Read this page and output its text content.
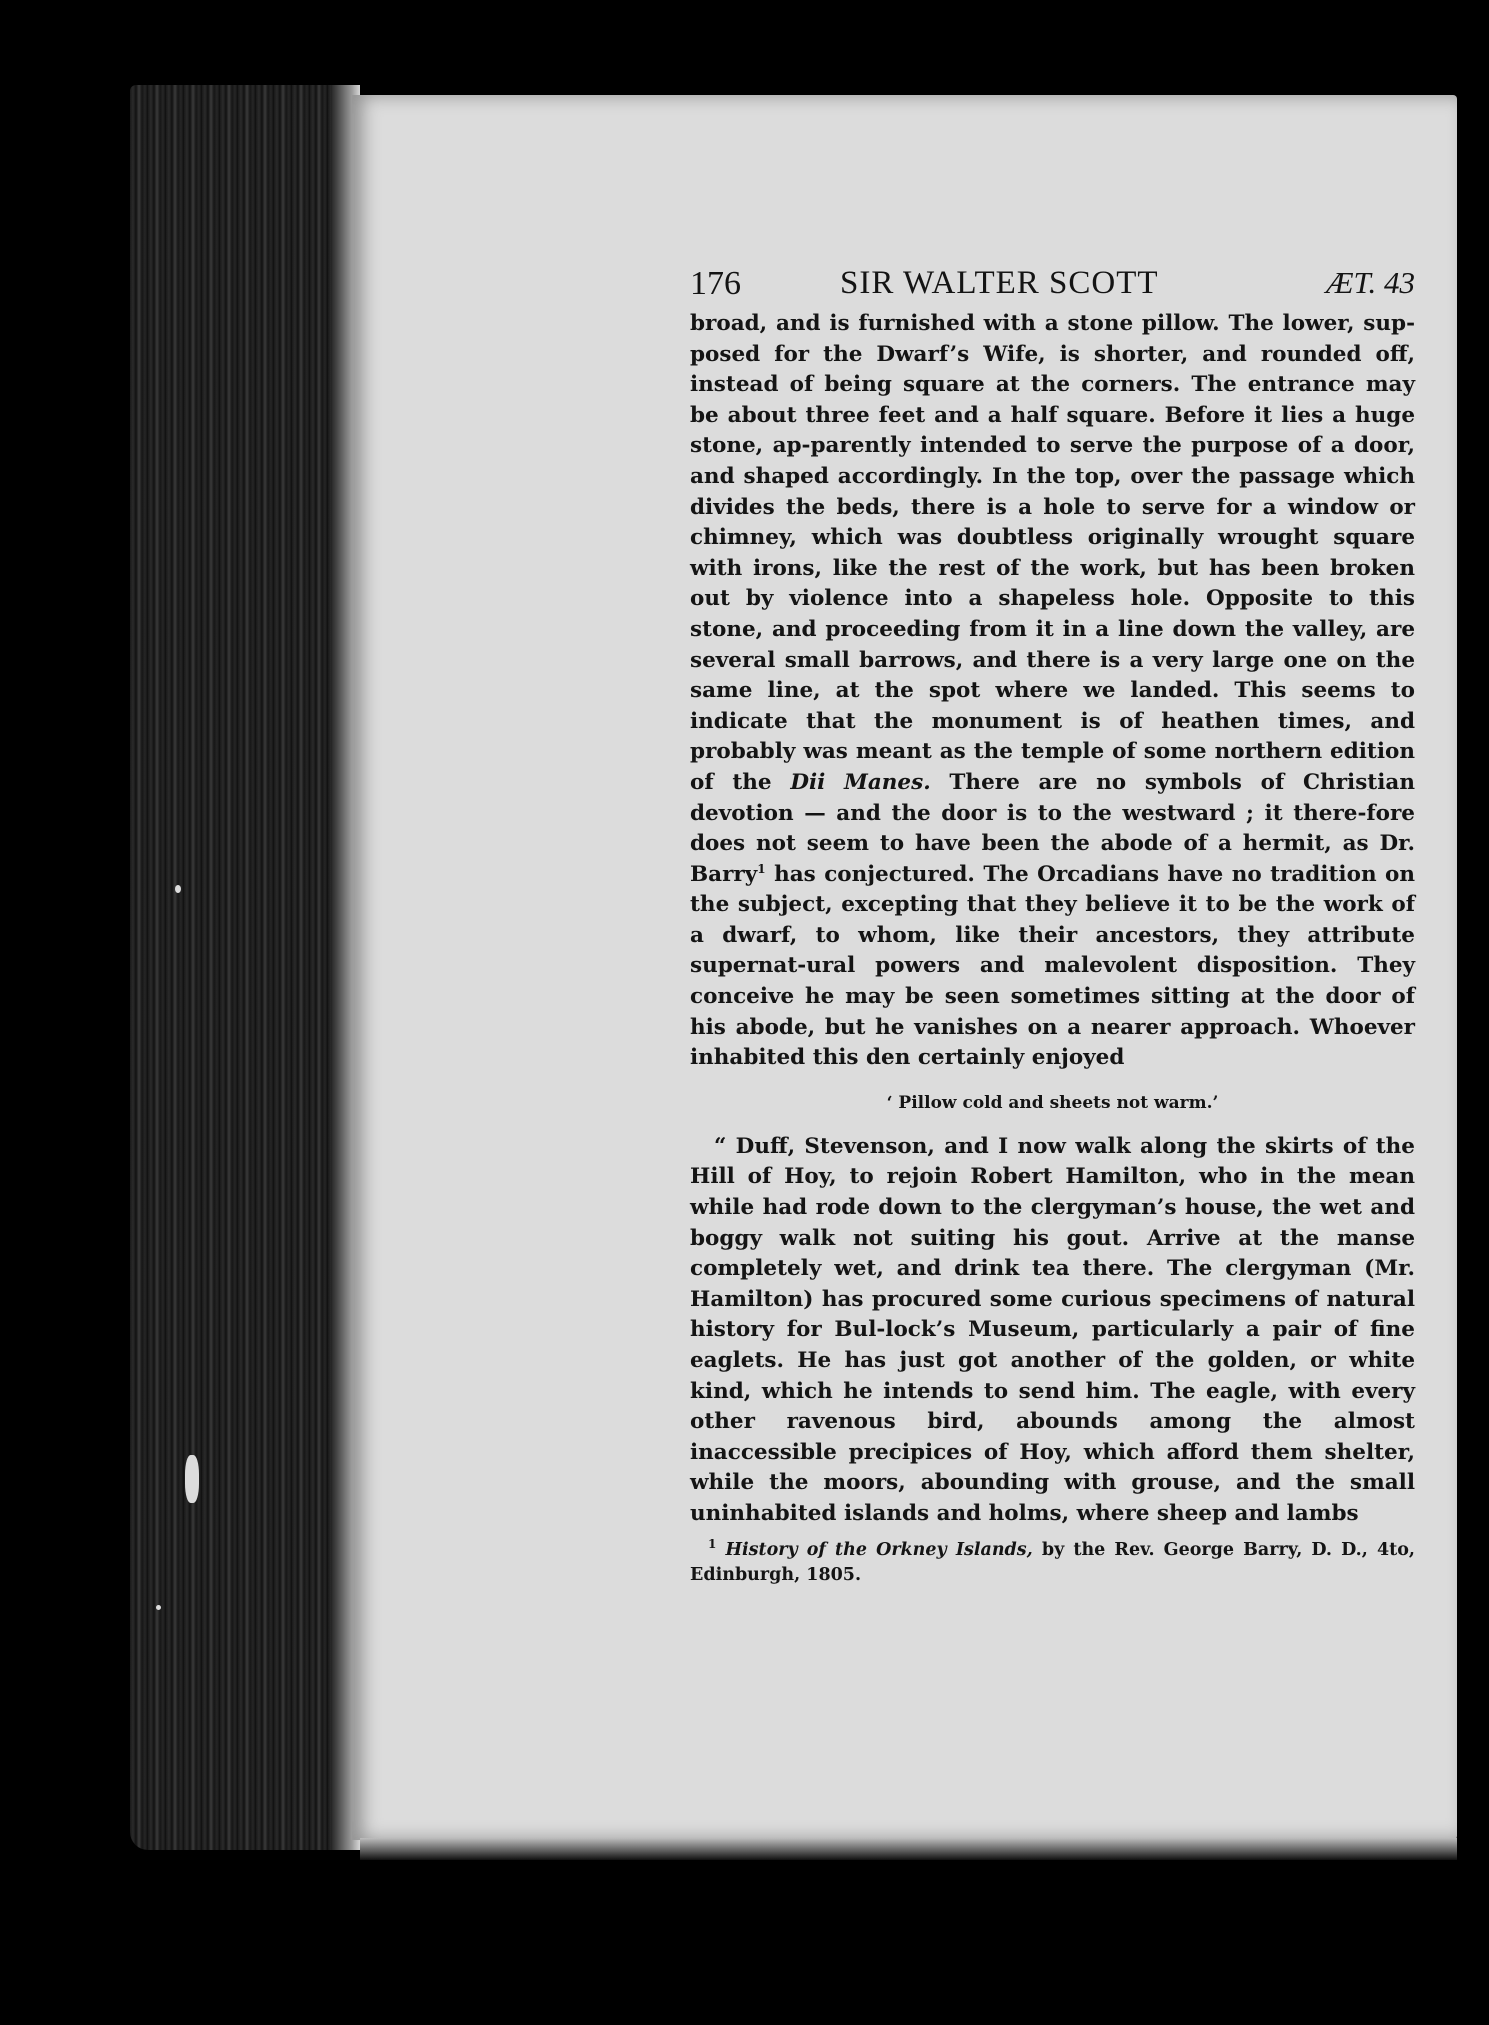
176	SIR WALTER SCOTT	ÆT. 43

broad, and is furnished with a stone pillow. The lower, sup-posed for the Dwarf’s Wife, is shorter, and rounded off, instead of being square at the corners. The entrance may be about three feet and a half square. Before it lies a huge stone, ap-parently intended to serve the purpose of a door, and shaped accordingly. In the top, over the passage which divides the beds, there is a hole to serve for a window or chimney, which was doubtless originally wrought square with irons, like the rest of the work, but has been broken out by violence into a shapeless hole. Opposite to this stone, and proceeding from it in a line down the valley, are several small barrows, and there is a very large one on the same line, at the spot where we landed. This seems to indicate that the monument is of heathen times, and probably was meant as the temple of some northern edition of the Dii Manes. There are no symbols of Christian devotion — and the door is to the westward ; it there-fore does not seem to have been the abode of a hermit, as Dr. Barry$^1$ has conjectured. The Orcadians have no tradition on the subject, excepting that they believe it to be the work of a dwarf, to whom, like their ancestors, they attribute supernat-ural powers and malevolent disposition. They conceive he may be seen sometimes sitting at the door of his abode, but he vanishes on a nearer approach. Whoever inhabited this den certainly enjoyed

‘ Pillow cold and sheets not warm.’

“ Duff, Stevenson, and I now walk along the skirts of the Hill of Hoy, to rejoin Robert Hamilton, who in the mean while had rode down to the clergyman’s house, the wet and boggy walk not suiting his gout. Arrive at the manse completely wet, and drink tea there. The clergyman (Mr. Hamilton) has procured some curious specimens of natural history for Bul-lock’s Museum, particularly a pair of fine eaglets. He has just got another of the golden, or white kind, which he intends to send him. The eagle, with every other ravenous bird, abounds among the almost inaccessible precipices of Hoy, which afford them shelter, while the moors, abounding with grouse, and the small uninhabited islands and holms, where sheep and lambs

$^1$ History of the Orkney Islands, by the Rev. George Barry, D. D., 4to, Edinburgh, 1805.
